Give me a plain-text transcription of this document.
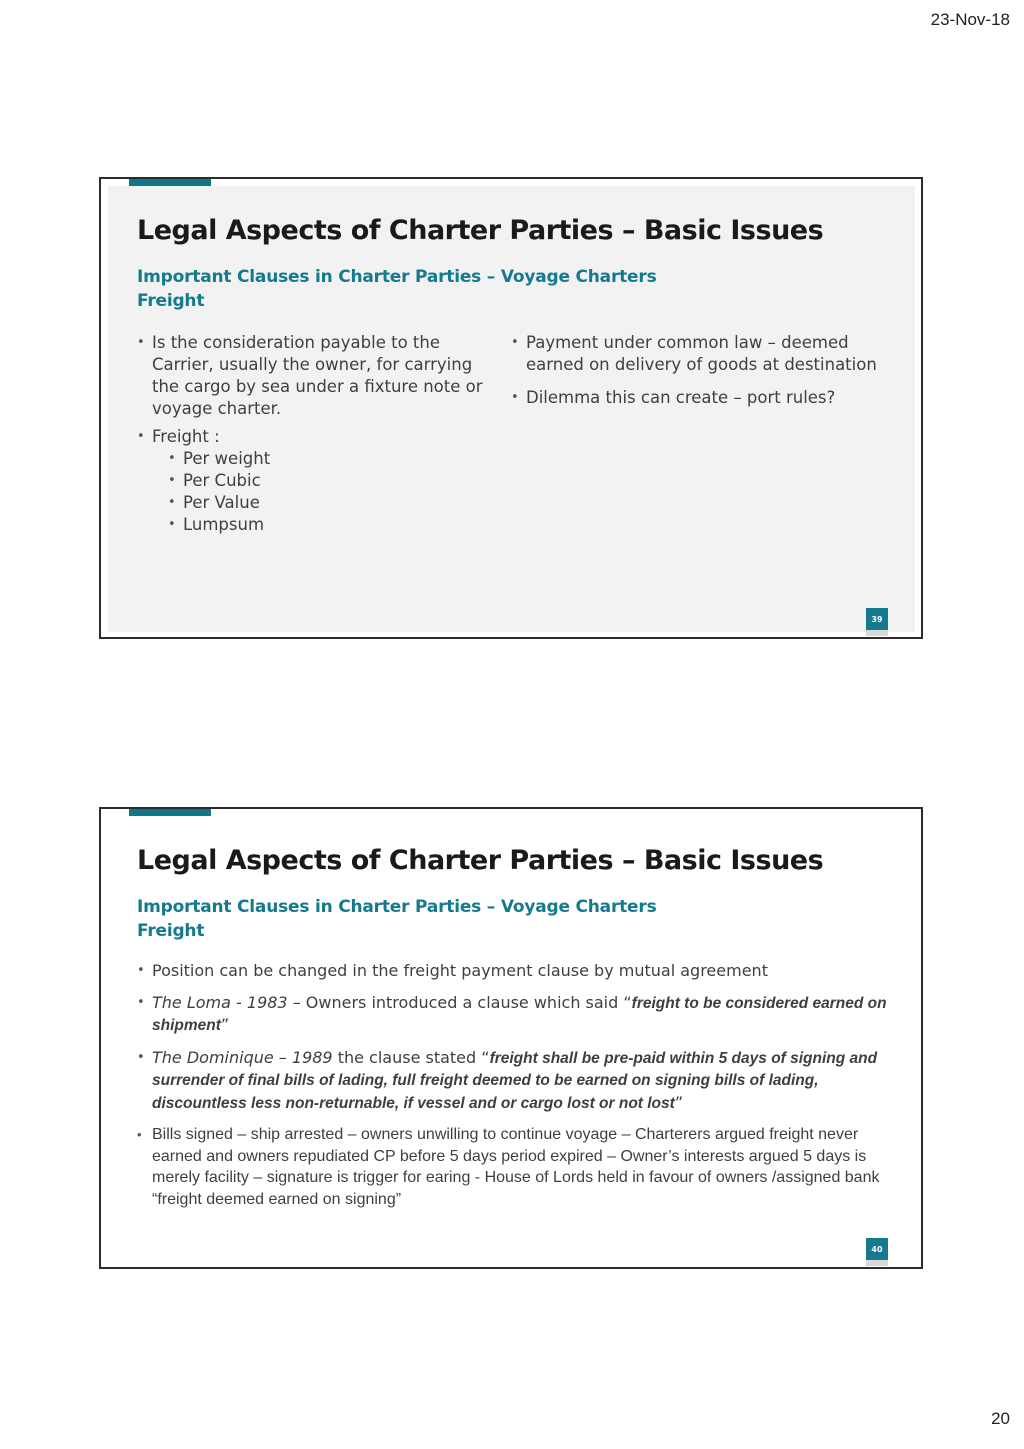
23-Nov-18
Legal Aspects of Charter Parties – Basic Issues
Important Clauses in Charter Parties – Voyage Charters
Freight
• Is the consideration payable to the Carrier, usually the owner, for carrying the cargo by sea under a fixture note or voyage charter.
• Freight :
• Per weight
• Per Cubic
• Per Value
• Lumpsum
• Payment under common law – deemed earned on delivery of goods at destination
• Dilemma this can create – port rules?
39
Legal Aspects of Charter Parties – Basic Issues
Important Clauses in Charter Parties – Voyage Charters
Freight
• Position can be changed in the freight payment clause by mutual agreement
• The Loma - 1983 – Owners introduced a clause which said “freight to be considered earned on shipment”
• The Dominique – 1989 the clause stated “freight shall be pre-paid within 5 days of signing and surrender of final bills of lading, full freight deemed to be earned on signing bills of lading, discountless less non-returnable, if vessel and or cargo lost or not lost”
• Bills signed – ship arrested – owners unwilling to continue voyage – Charterers argued freight never earned and owners repudiated CP before 5 days period expired – Owner’s interests argued 5 days is merely facility – signature is trigger for earing - House of Lords held in favour of owners /assigned bank “freight deemed earned on signing”
40
20
